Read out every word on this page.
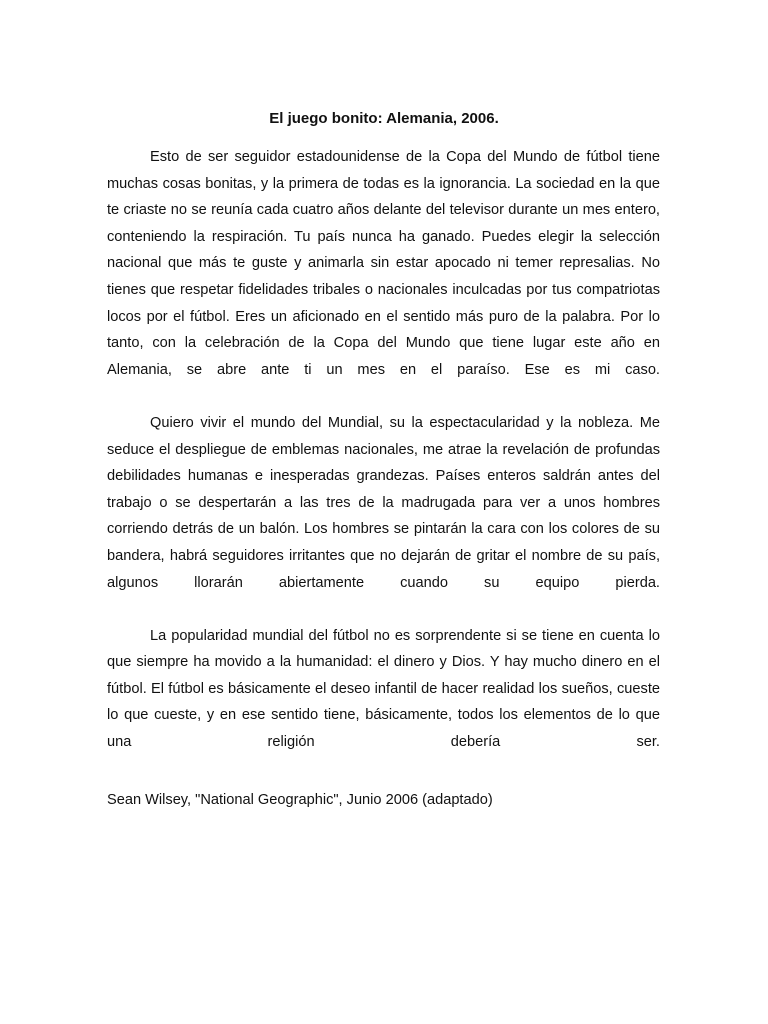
El juego bonito: Alemania, 2006.

Esto de ser seguidor estadounidense de la Copa del Mundo de fútbol tiene muchas cosas bonitas, y la primera de todas es la ignorancia. La sociedad en la que te criaste no se reunía cada cuatro años delante del televisor durante un mes entero, conteniendo la respiración. Tu país nunca ha ganado. Puedes elegir la selección nacional que más te guste y animarla sin estar apocado ni temer represalias. No tienes que respetar fidelidades tribales o nacionales inculcadas por tus compatriotas locos por el fútbol. Eres un aficionado en el sentido más puro de la palabra. Por lo tanto, con la celebración de la Copa del Mundo que tiene lugar este año en Alemania, se abre ante ti un mes en el paraíso. Ese es mi caso.

Quiero vivir el mundo del Mundial, su la espectacularidad y la nobleza. Me seduce el despliegue de emblemas nacionales, me atrae la revelación de profundas debilidades humanas e inesperadas grandezas. Países enteros saldrán antes del trabajo o se despertarán a las tres de la madrugada para ver a unos hombres corriendo detrás de un balón. Los hombres se pintarán la cara con los colores de su bandera, habrá seguidores irritantes que no dejarán de gritar el nombre de su país, algunos llorarán abiertamente cuando su equipo pierda.

La popularidad mundial del fútbol no es sorprendente si se tiene en cuenta lo que siempre ha movido a la humanidad: el dinero y Dios. Y hay mucho dinero en el fútbol. El fútbol es básicamente el deseo infantil de hacer realidad los sueños, cueste lo que cueste, y en ese sentido tiene, básicamente, todos los elementos de lo que una religión debería ser.

Sean Wilsey, "National Geographic", Junio 2006 (adaptado)
